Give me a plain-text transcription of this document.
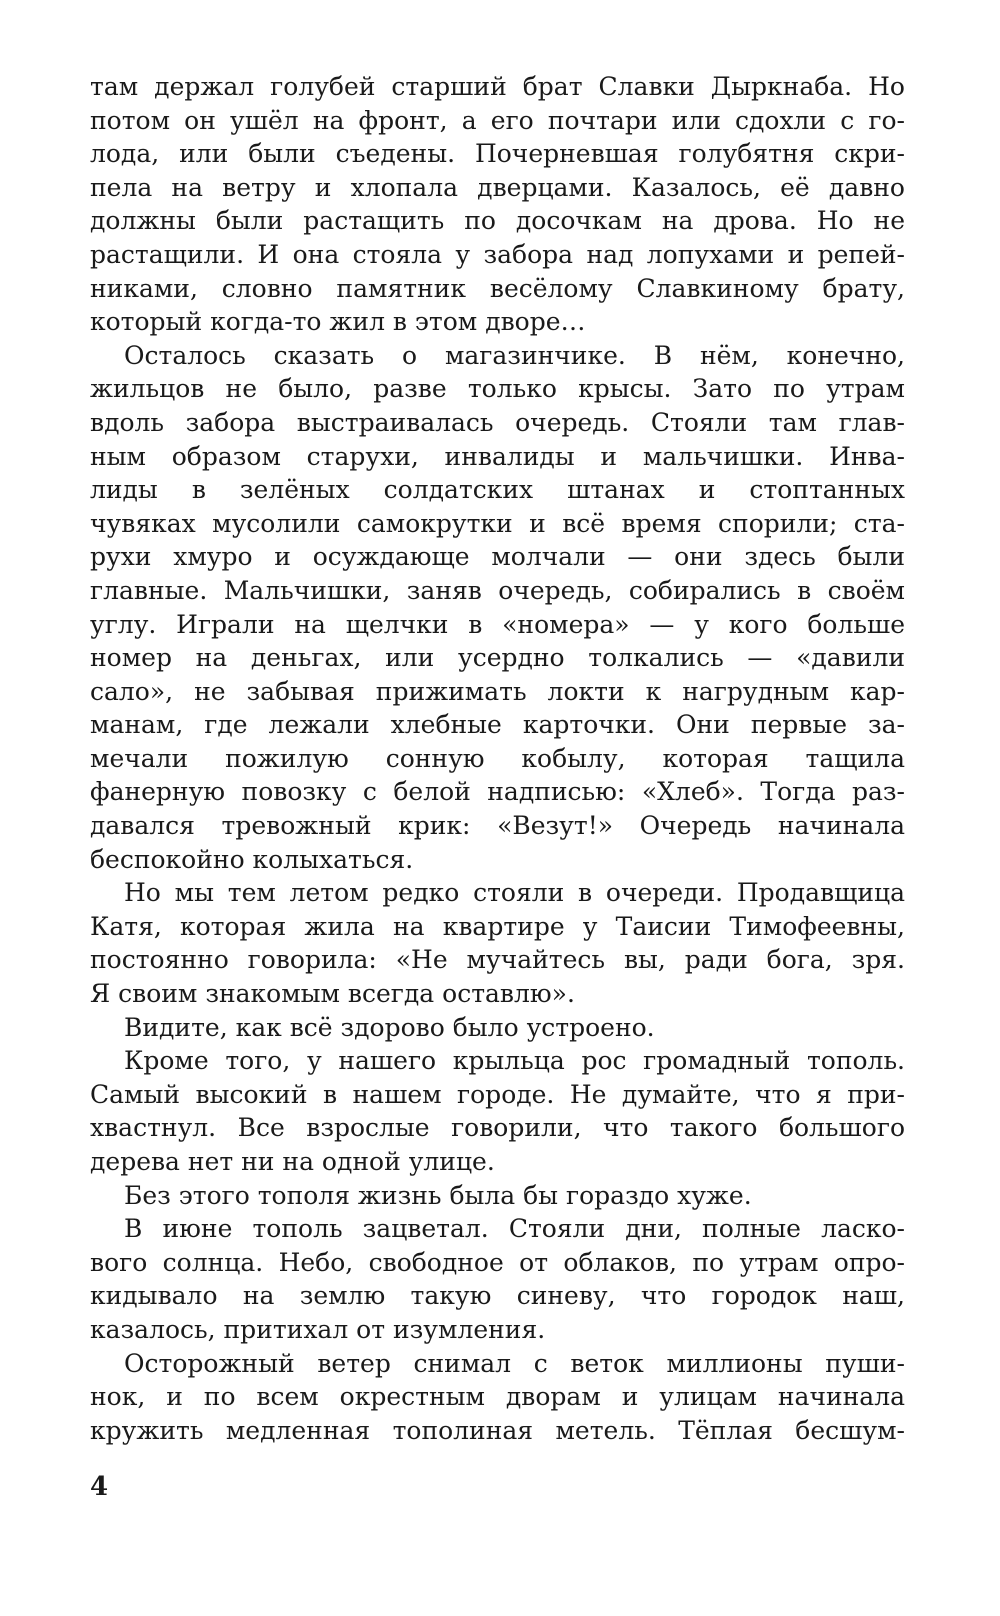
там держал голубей старший брат Славки Дыркнаба. Но
потом он ушёл на фронт, а его почтари или сдохли с го-
лода, или были съедены. Почерневшая голубятня скри-
пела на ветру и хлопала дверцами. Казалось, её давно
должны были растащить по досочкам на дрова. Но не
растащили. И она стояла у забора над лопухами и репей-
никами, словно памятник весёлому Славкиному брату,
который когда-то жил в этом дворе…
Осталось сказать о магазинчике. В нём, конечно,
жильцов не было, разве только крысы. Зато по утрам
вдоль забора выстраивалась очередь. Стояли там глав-
ным образом старухи, инвалиды и мальчишки. Инва-
лиды в зелёных солдатских штанах и стоптанных
чувяках мусолили самокрутки и всё время спорили; ста-
рухи хмуро и осуждающе молчали — они здесь были
главные. Мальчишки, заняв очередь, собирались в своём
углу. Играли на щелчки в «номера» — у кого больше
номер на деньгах, или усердно толкались — «давили
сало», не забывая прижимать локти к нагрудным кар-
манам, где лежали хлебные карточки. Они первые за-
мечали пожилую сонную кобылу, которая тащила
фанерную повозку с белой надписью: «Хлеб». Тогда раз-
давался тревожный крик: «Везут!» Очередь начинала
беспокойно колыхаться.
Но мы тем летом редко стояли в очереди. Продавщица
Катя, которая жила на квартире у Таисии Тимофеевны,
постоянно говорила: «Не мучайтесь вы, ради бога, зря.
Я своим знакомым всегда оставлю».
Видите, как всё здорово было устроено.
Кроме того, у нашего крыльца рос громадный тополь.
Самый высокий в нашем городе. Не думайте, что я при-
хвастнул. Все взрослые говорили, что такого большого
дерева нет ни на одной улице.
Без этого тополя жизнь была бы гораздо хуже.
В июне тополь зацветал. Стояли дни, полные ласко-
вого солнца. Небо, свободное от облаков, по утрам опро-
кидывало на землю такую синеву, что городок наш,
казалось, притихал от изумления.
Осторожный ветер снимал с веток миллионы пуши-
нок, и по всем окрестным дворам и улицам начинала
кружить медленная тополиная метель. Тёплая бесшум-
4
